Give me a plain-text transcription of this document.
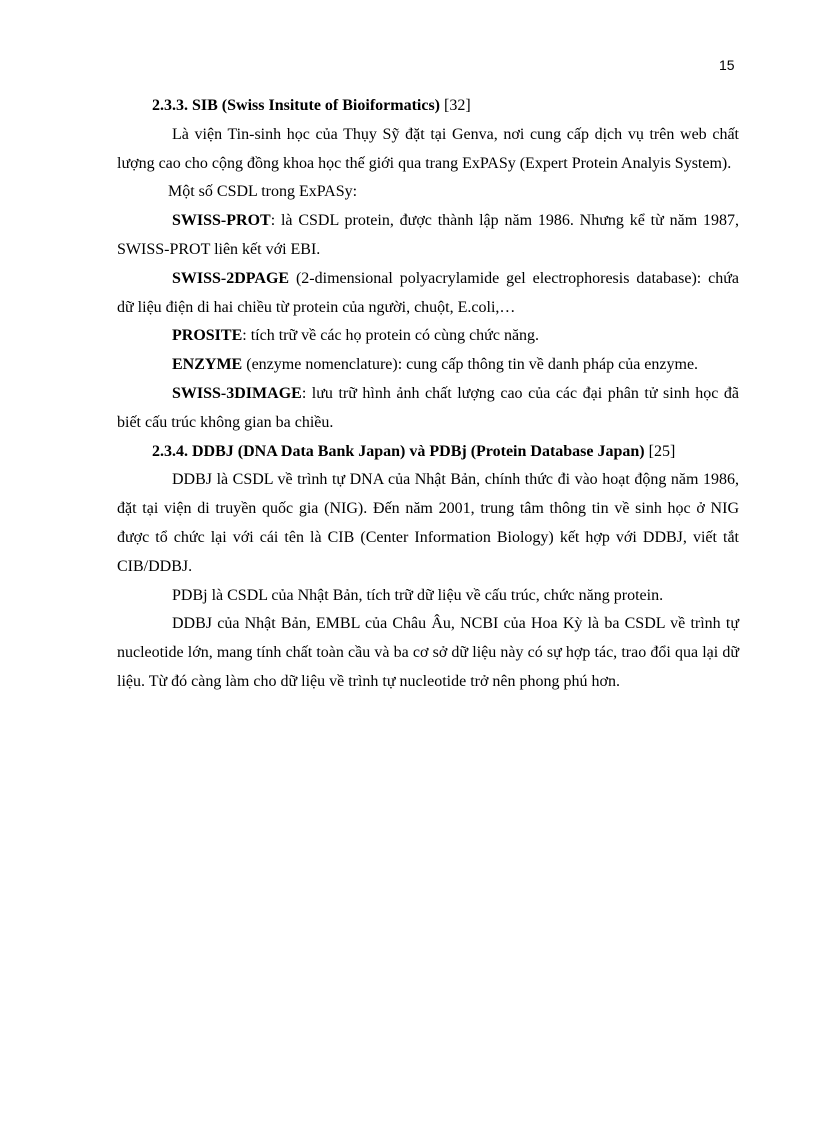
15

2.3.3. SIB (Swiss Insitute of Bioiformatics) [32]

Là viện Tin-sinh học của Thụy Sỹ đặt tại Genva, nơi cung cấp dịch vụ trên web chất lượng cao cho cộng đồng khoa học thế giới qua trang ExPASy (Expert Protein Analyis System).

Một số CSDL trong ExPASy:

SWISS-PROT: là CSDL protein, được thành lập năm 1986. Nhưng kể từ năm 1987, SWISS-PROT liên kết với EBI.

SWISS-2DPAGE (2-dimensional polyacrylamide gel electrophoresis database): chứa dữ liệu điện di hai chiều từ protein của người, chuột, E.coli,…

PROSITE: tích trữ về các họ protein có cùng chức năng.

ENZYME (enzyme nomenclature): cung cấp thông tin về danh pháp của enzyme.

SWISS-3DIMAGE: lưu trữ hình ảnh chất lượng cao của các đại phân tử sinh học đã biết cấu trúc không gian ba chiều.

2.3.4. DDBJ (DNA Data Bank Japan) và PDBj (Protein Database Japan) [25]

DDBJ là CSDL về trình tự DNA của Nhật Bản, chính thức đi vào hoạt động năm 1986, đặt tại viện di truyền quốc gia (NIG). Đến năm 2001, trung tâm thông tin về sinh học ở NIG được tổ chức lại với cái tên là CIB (Center Information Biology) kết hợp với DDBJ, viết tắt CIB/DDBJ.

PDBj là CSDL của Nhật Bản, tích trữ dữ liệu về cấu trúc, chức năng protein.

DDBJ của Nhật Bản, EMBL của Châu Âu, NCBI của Hoa Kỳ là ba CSDL về trình tự nucleotide lớn, mang tính chất toàn cầu và ba cơ sở dữ liệu này có sự hợp tác, trao đổi qua lại dữ liệu. Từ đó càng làm cho dữ liệu về trình tự nucleotide trở nên phong phú hơn.
